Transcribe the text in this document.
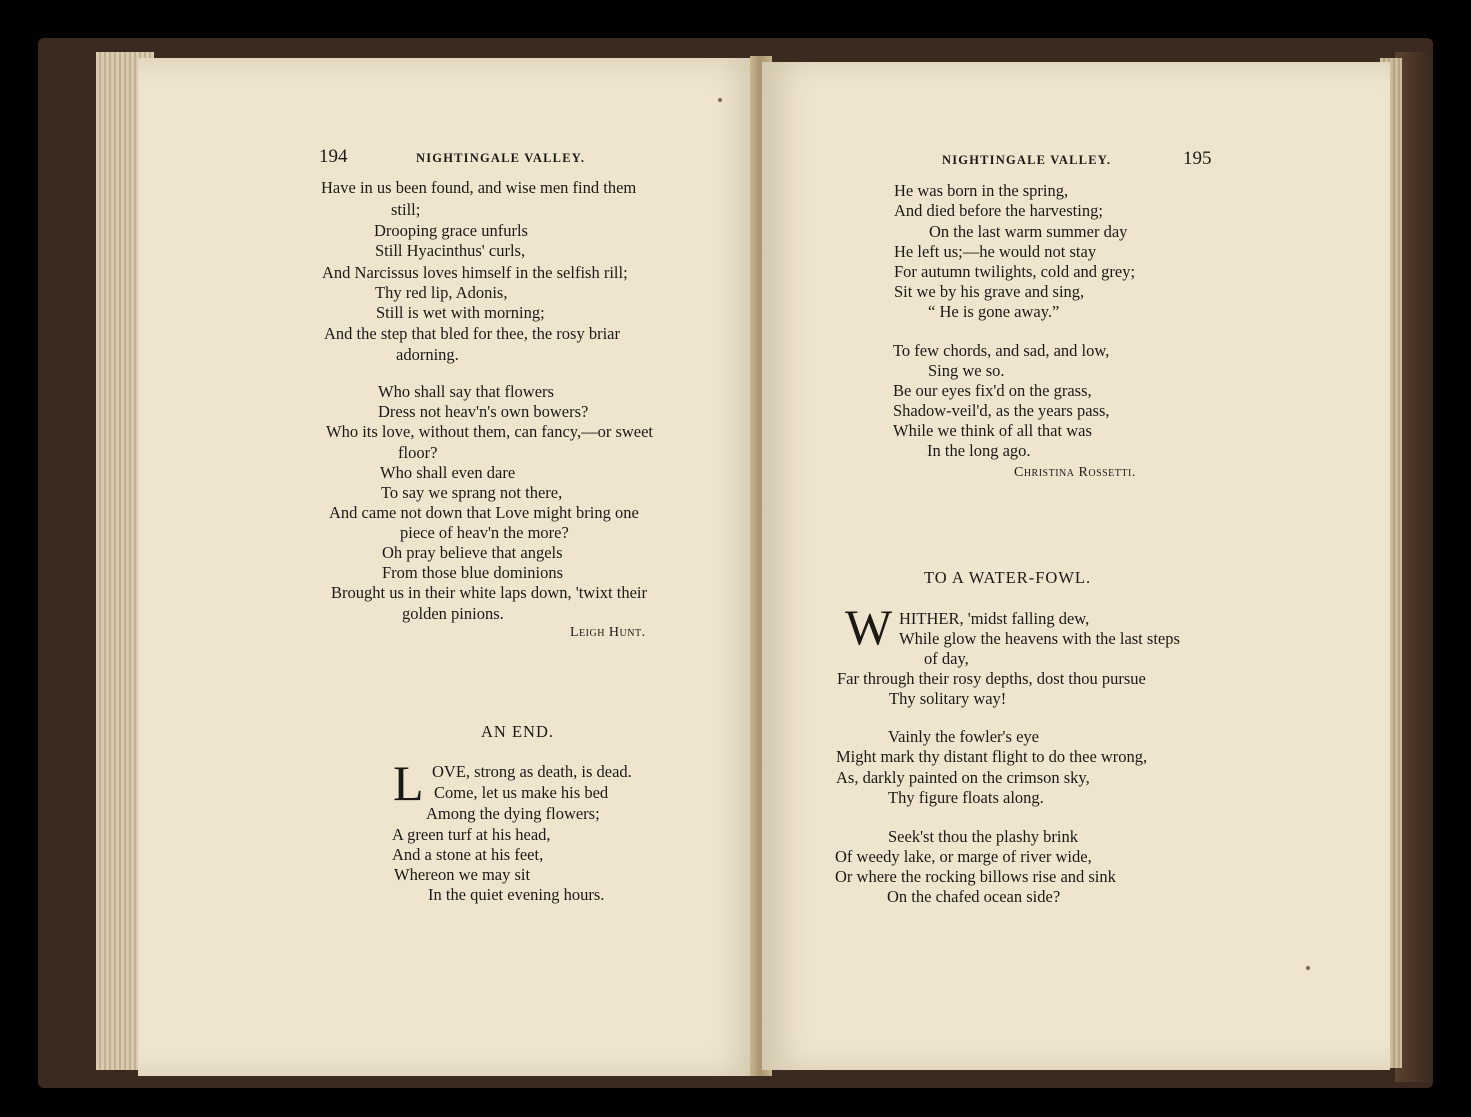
194	NIGHTINGALE VALLEY.
Have in us been found, and wise men find them
still;
Drooping grace unfurls
Still Hyacinthus' curls,
And Narcissus loves himself in the selfish rill;
Thy red lip, Adonis,
Still is wet with morning;
And the step that bled for thee, the rosy briar
adorning.
Who shall say that flowers
Dress not heav'n's own bowers?
Who its love, without them, can fancy,—or sweet
floor?
Who shall even dare
To say we sprang not there,
And came not down that Love might bring one
piece of heav'n the more?
Oh pray believe that angels
From those blue dominions
Brought us in their white laps down, 'twixt their
golden pinions.
Leigh Hunt.
AN END.
L OVE, strong as death, is dead.
Come, let us make his bed
Among the dying flowers;
A green turf at his head,
And a stone at his feet,
Whereon we may sit
In the quiet evening hours.
NIGHTINGALE VALLEY.	195
He was born in the spring,
And died before the harvesting;
On the last warm summer day
He left us;—he would not stay
For autumn twilights, cold and grey;
Sit we by his grave and sing,
“ He is gone away.”
To few chords, and sad, and low,
Sing we so.
Be our eyes fix'd on the grass,
Shadow-veil'd, as the years pass,
While we think of all that was
In the long ago.
Christina Rossetti.
TO A WATER-FOWL.
W HITHER, 'midst falling dew,
While glow the heavens with the last steps
of day,
Far through their rosy depths, dost thou pursue
Thy solitary way!
Vainly the fowler's eye
Might mark thy distant flight to do thee wrong,
As, darkly painted on the crimson sky,
Thy figure floats along.
Seek'st thou the plashy brink
Of weedy lake, or marge of river wide,
Or where the rocking billows rise and sink
On the chafed ocean side?
